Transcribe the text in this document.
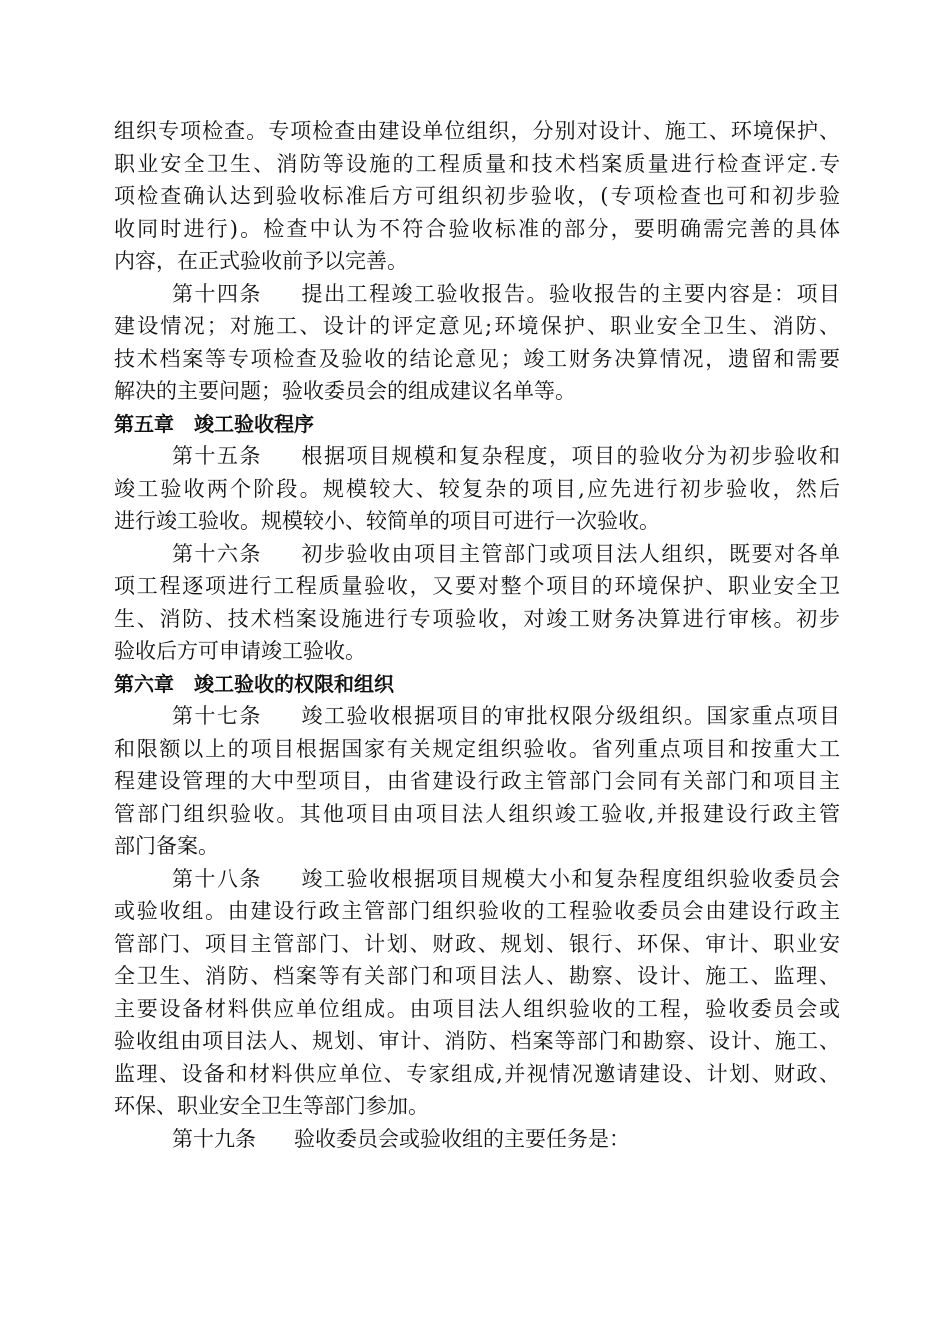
组织专项检查。专项检查由建设单位组织，分别对设计、施工、环境保护、
职业安全卫生、消防等设施的工程质量和技术档案质量进行检查评定.专
项检查确认达到验收标准后方可组织初步验收，(专项检查也可和初步验
收同时进行)。检查中认为不符合验收标准的部分，要明确需完善的具体
内容，在正式验收前予以完善。
第十四条 提出工程竣工验收报告。验收报告的主要内容是：项目
建设情况；对施工、设计的评定意见;环境保护、职业安全卫生、消防、
技术档案等专项检查及验收的结论意见；竣工财务决算情况，遗留和需要
解决的主要问题；验收委员会的组成建议名单等。
第五章 竣工验收程序
第十五条 根据项目规模和复杂程度，项目的验收分为初步验收和
竣工验收两个阶段。规模较大、较复杂的项目,应先进行初步验收，然后
进行竣工验收。规模较小、较简单的项目可进行一次验收。
第十六条 初步验收由项目主管部门或项目法人组织，既要对各单
项工程逐项进行工程质量验收，又要对整个项目的环境保护、职业安全卫
生、消防、技术档案设施进行专项验收，对竣工财务决算进行审核。初步
验收后方可申请竣工验收。
第六章 竣工验收的权限和组织
第十七条 竣工验收根据项目的审批权限分级组织。国家重点项目
和限额以上的项目根据国家有关规定组织验收。省列重点项目和按重大工
程建设管理的大中型项目，由省建设行政主管部门会同有关部门和项目主
管部门组织验收。其他项目由项目法人组织竣工验收,并报建设行政主管
部门备案。
第十八条 竣工验收根据项目规模大小和复杂程度组织验收委员会
或验收组。由建设行政主管部门组织验收的工程验收委员会由建设行政主
管部门、项目主管部门、计划、财政、规划、银行、环保、审计、职业安
全卫生、消防、档案等有关部门和项目法人、勘察、设计、施工、监理、
主要设备材料供应单位组成。由项目法人组织验收的工程，验收委员会或
验收组由项目法人、规划、审计、消防、档案等部门和勘察、设计、施工、
监理、设备和材料供应单位、专家组成,并视情况邀请建设、计划、财政、
环保、职业安全卫生等部门参加。
第十九条 验收委员会或验收组的主要任务是：
